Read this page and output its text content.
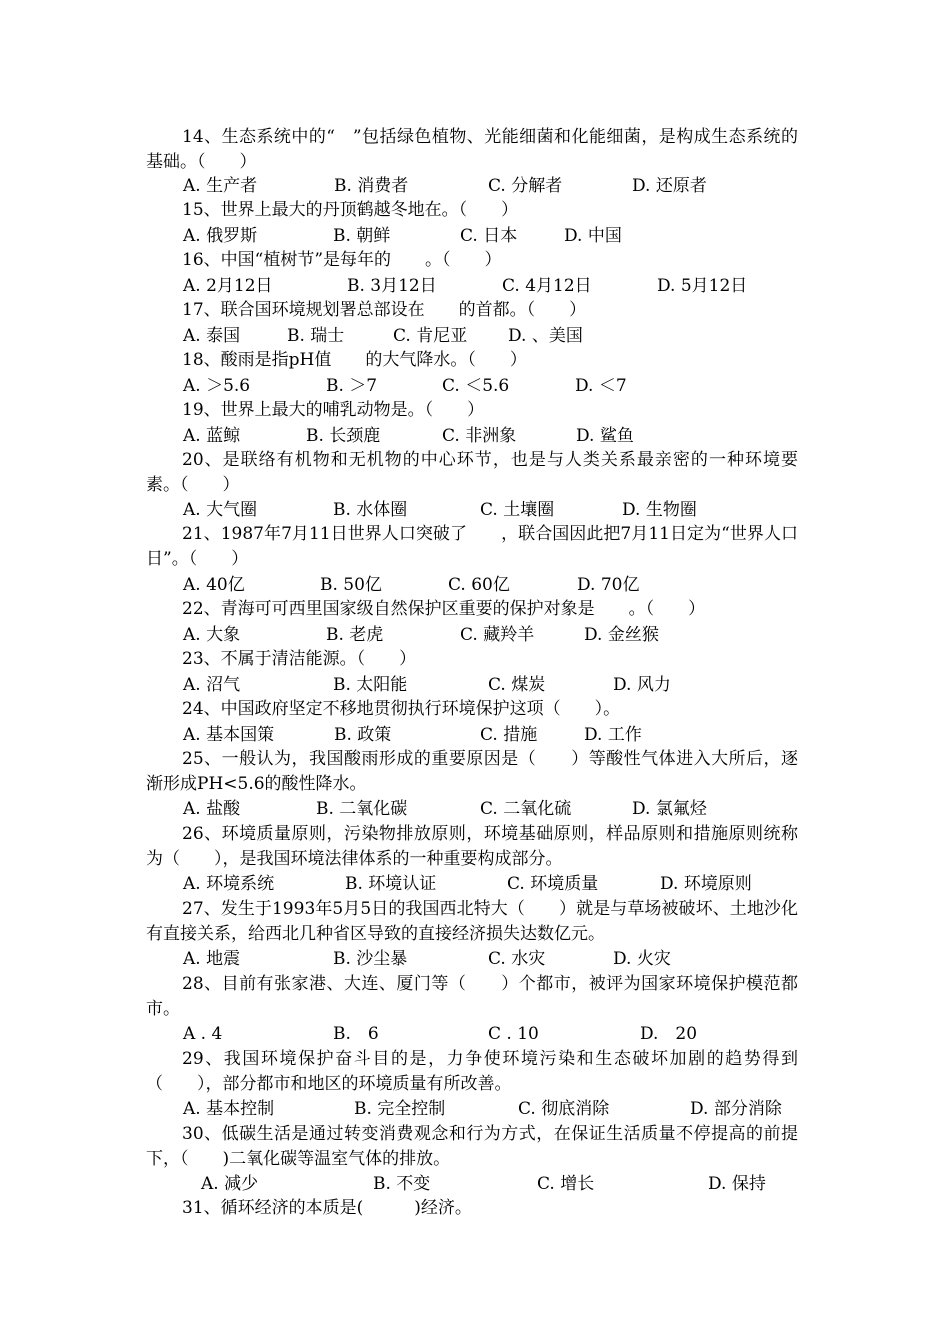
14、生态系统中的“　”包括绿色植物、光能细菌和化能细菌，是构成生态系统的基础。（　　）
A. 生产者	B. 消费者	C. 分解者	D. 还原者
15、世界上最大的丹顶鹤越冬地在。（　　）
A. 俄罗斯	B. 朝鲜	C. 日本	D. 中国
16、中国“植树节”是每年的　　。（　　）
A. 2月12日	B. 3月12日	C. 4月12日	D. 5月12日
17、联合国环境规划署总部设在　　的首都。（　　）
A. 泰国	B. 瑞士	C. 肯尼亚 D. 、美国
18、酸雨是指pH值　　的大气降水。（　　）
A. ＞5.6	B. ＞7	C. ＜5.6	D. ＜7
19、世界上最大的哺乳动物是。（　　）
A. 蓝鲸	B. 长颈鹿	C. 非洲象	D. 鲨鱼
20、是联络有机物和无机物的中心环节，也是与人类关系最亲密的一种环境要素。（　　）
A. 大气圈	B. 水体圈	C. 土壤圈	D. 生物圈
21、1987年7月11日世界人口突破了　　，联合国因此把7月11日定为“世界人口日”。（　　）
A. 40亿	B. 50亿	C. 60亿	D. 70亿
22、青海可可西里国家级自然保护区重要的保护对象是　　。（　　）
A. 大象	B. 老虎	C. 藏羚羊	D. 金丝猴
23、不属于清洁能源。（　　）
A. 沼气	B. 太阳能	C. 煤炭	D. 风力
24、中国政府坚定不移地贯彻执行环境保护这项（　　）。
A. 基本国策	B. 政策	C. 措施	D. 工作
25、一般认为，我国酸雨形成的重要原因是（　　）等酸性气体进入大所后，逐渐形成PH<5.6的酸性降水。
A. 盐酸	B. 二氧化碳	C. 二氧化硫	D. 氯氟烃
26、环境质量原则，污染物排放原则，环境基础原则，样品原则和措施原则统称为（　　），是我国环境法律体系的一种重要构成部分。
A. 环境系统	B. 环境认证	C. 环境质量	D. 环境原则
27、发生于1993年5月5日的我国西北特大（　　）就是与草场被破坏、土地沙化有直接关系，给西北几种省区导致的直接经济损失达数亿元。
A. 地震	B. 沙尘暴	C. 水灾	D. 火灾
28、目前有张家港、大连、厦门等（　　）个都市，被评为国家环境保护模范都市。
A . 4	B.　6	C . 10	D.　20
29、我国环境保护奋斗目的是，力争使环境污染和生态破坏加剧的趋势得到（　　），部分都市和地区的环境质量有所改善。
A. 基本控制	B. 完全控制	C. 彻底消除	D. 部分消除
30、低碳生活是通过转变消费观念和行为方式，在保证生活质量不停提高的前提下，（　　)二氧化碳等温室气体的排放。
A. 减少	B. 不变	C. 增长	D. 保持
31、循环经济的本质是(　　　)经济。
